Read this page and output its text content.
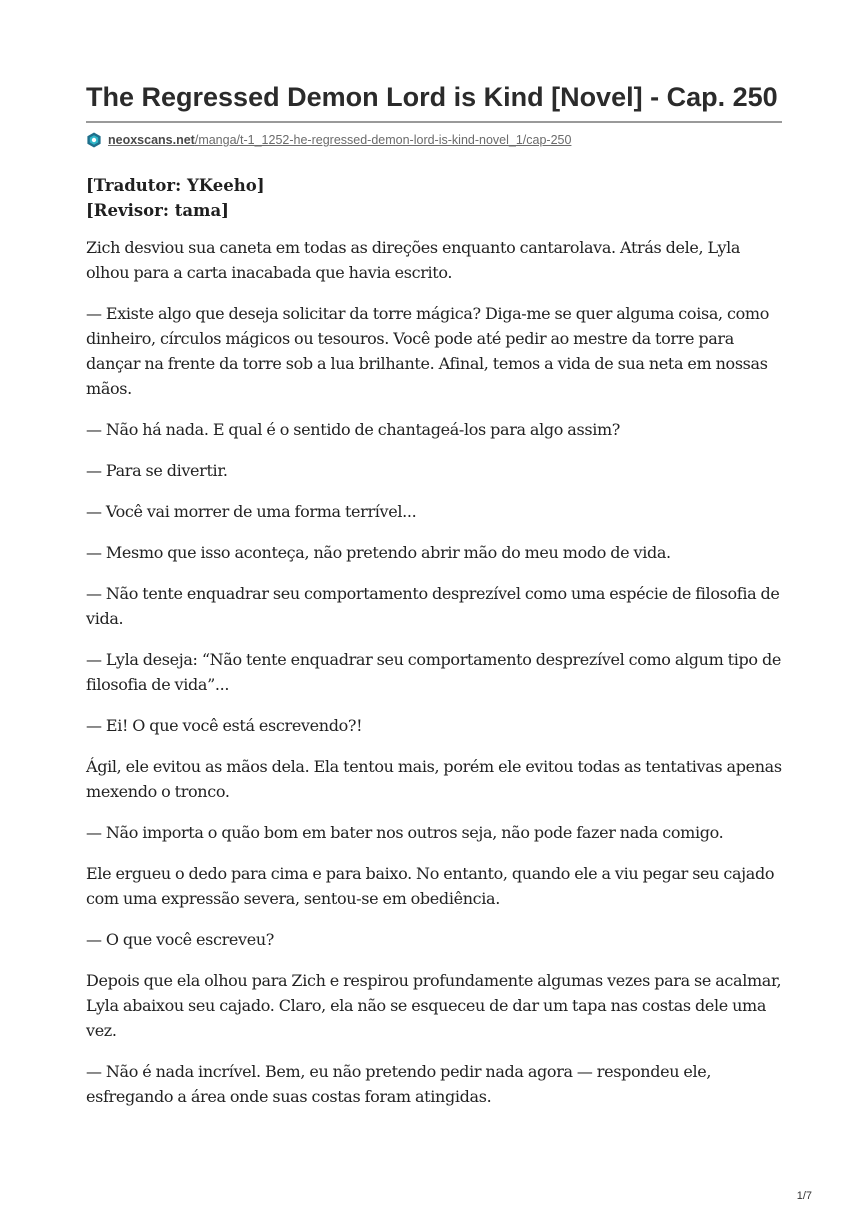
The Regressed Demon Lord is Kind [Novel] - Cap. 250
neoxscans.net/manga/t-1_1252-he-regressed-demon-lord-is-kind-novel_1/cap-250
[Tradutor: YKeeho]
[Revisor: tama]

Zich desviou sua caneta em todas as direções enquanto cantarolava. Atrás dele, Lyla olhou para a carta inacabada que havia escrito.

— Existe algo que deseja solicitar da torre mágica? Diga-me se quer alguma coisa, como dinheiro, círculos mágicos ou tesouros. Você pode até pedir ao mestre da torre para dançar na frente da torre sob a lua brilhante. Afinal, temos a vida de sua neta em nossas mãos.

— Não há nada. E qual é o sentido de chantageá-los para algo assim?

— Para se divertir.

— Você vai morrer de uma forma terrível...

— Mesmo que isso aconteça, não pretendo abrir mão do meu modo de vida.

— Não tente enquadrar seu comportamento desprezível como uma espécie de filosofia de vida.

— Lyla deseja: “Não tente enquadrar seu comportamento desprezível como algum tipo de filosofia de vida”...

— Ei! O que você está escrevendo?!

Ágil, ele evitou as mãos dela. Ela tentou mais, porém ele evitou todas as tentativas apenas mexendo o tronco.

— Não importa o quão bom em bater nos outros seja, não pode fazer nada comigo.

Ele ergueu o dedo para cima e para baixo. No entanto, quando ele a viu pegar seu cajado com uma expressão severa, sentou-se em obediência.

— O que você escreveu?

Depois que ela olhou para Zich e respirou profundamente algumas vezes para se acalmar, Lyla abaixou seu cajado. Claro, ela não se esqueceu de dar um tapa nas costas dele uma vez.

— Não é nada incrível. Bem, eu não pretendo pedir nada agora — respondeu ele, esfregando a área onde suas costas foram atingidas.

1/7
